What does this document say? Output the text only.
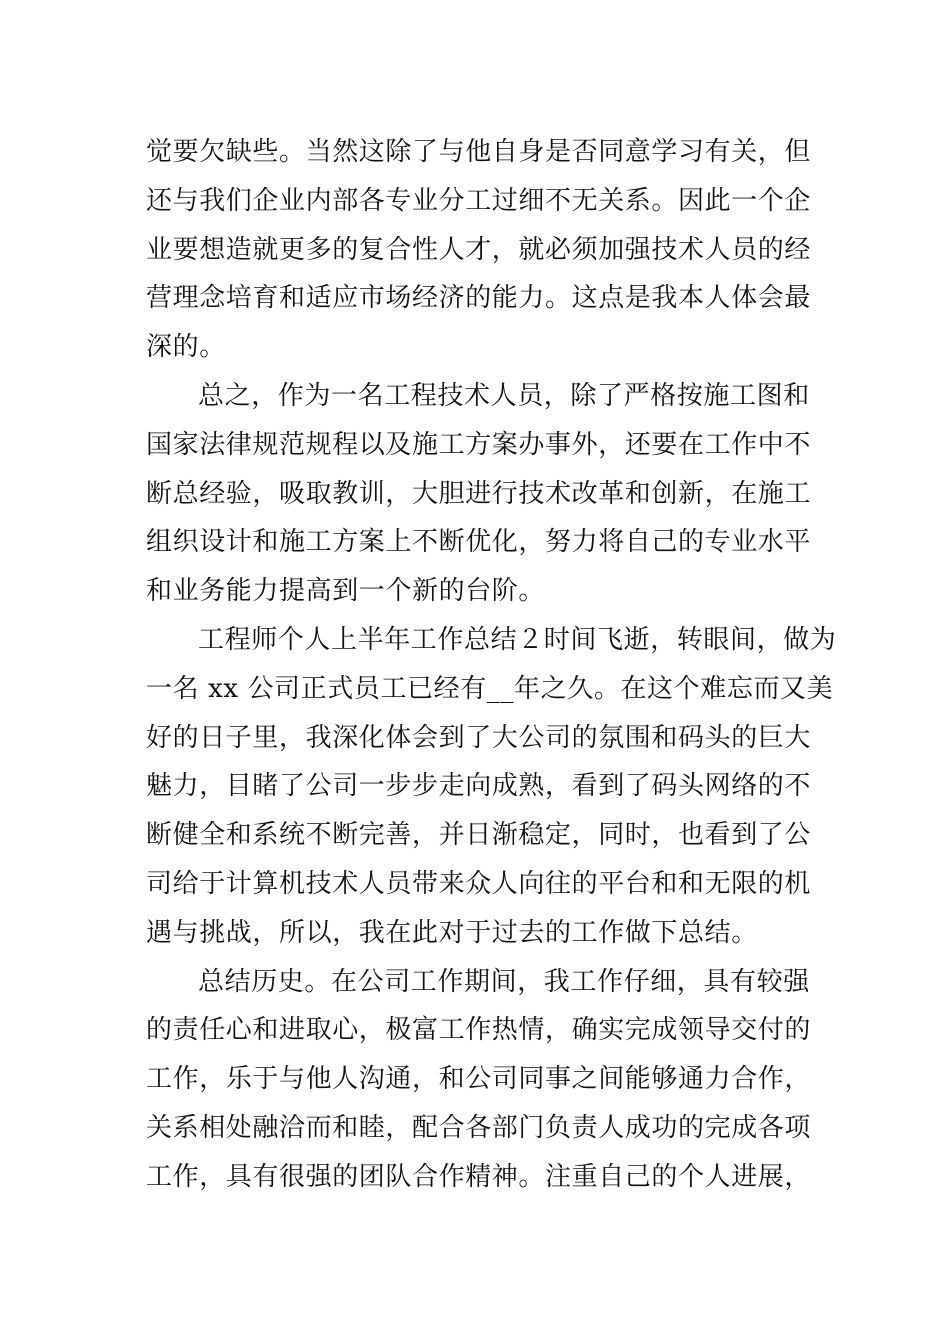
觉要欠缺些。当然这除了与他自身是否同意学习有关，但
还与我们企业内部各专业分工过细不无关系。因此一个企
业要想造就更多的复合性人才，就必须加强技术人员的经
营理念培育和适应市场经济的能力。这点是我本人体会最
深的。
总之，作为一名工程技术人员，除了严格按施工图和
国家法律规范规程以及施工方案办事外，还要在工作中不
断总经验，吸取教训，大胆进行技术改革和创新，在施工
组织设计和施工方案上不断优化，努力将自己的专业水平
和业务能力提高到一个新的台阶。
工程师个人上半年工作总结２时间飞逝，转眼间，做为
一名 xx 公司正式员工已经有__年之久。在这个难忘而又美
好的日子里，我深化体会到了大公司的氛围和码头的巨大
魅力，目睹了公司一步步走向成熟，看到了码头网络的不
断健全和系统不断完善，并日渐稳定，同时，也看到了公
司给于计算机技术人员带来众人向往的平台和和无限的机
遇与挑战，所以，我在此对于过去的工作做下总结。
总结历史。在公司工作期间，我工作仔细，具有较强
的责任心和进取心，极富工作热情，确实完成领导交付的
工作，乐于与他人沟通，和公司同事之间能够通力合作，
关系相处融洽而和睦，配合各部门负责人成功的完成各项
工作，具有很强的团队合作精神。注重自己的个人进展，
